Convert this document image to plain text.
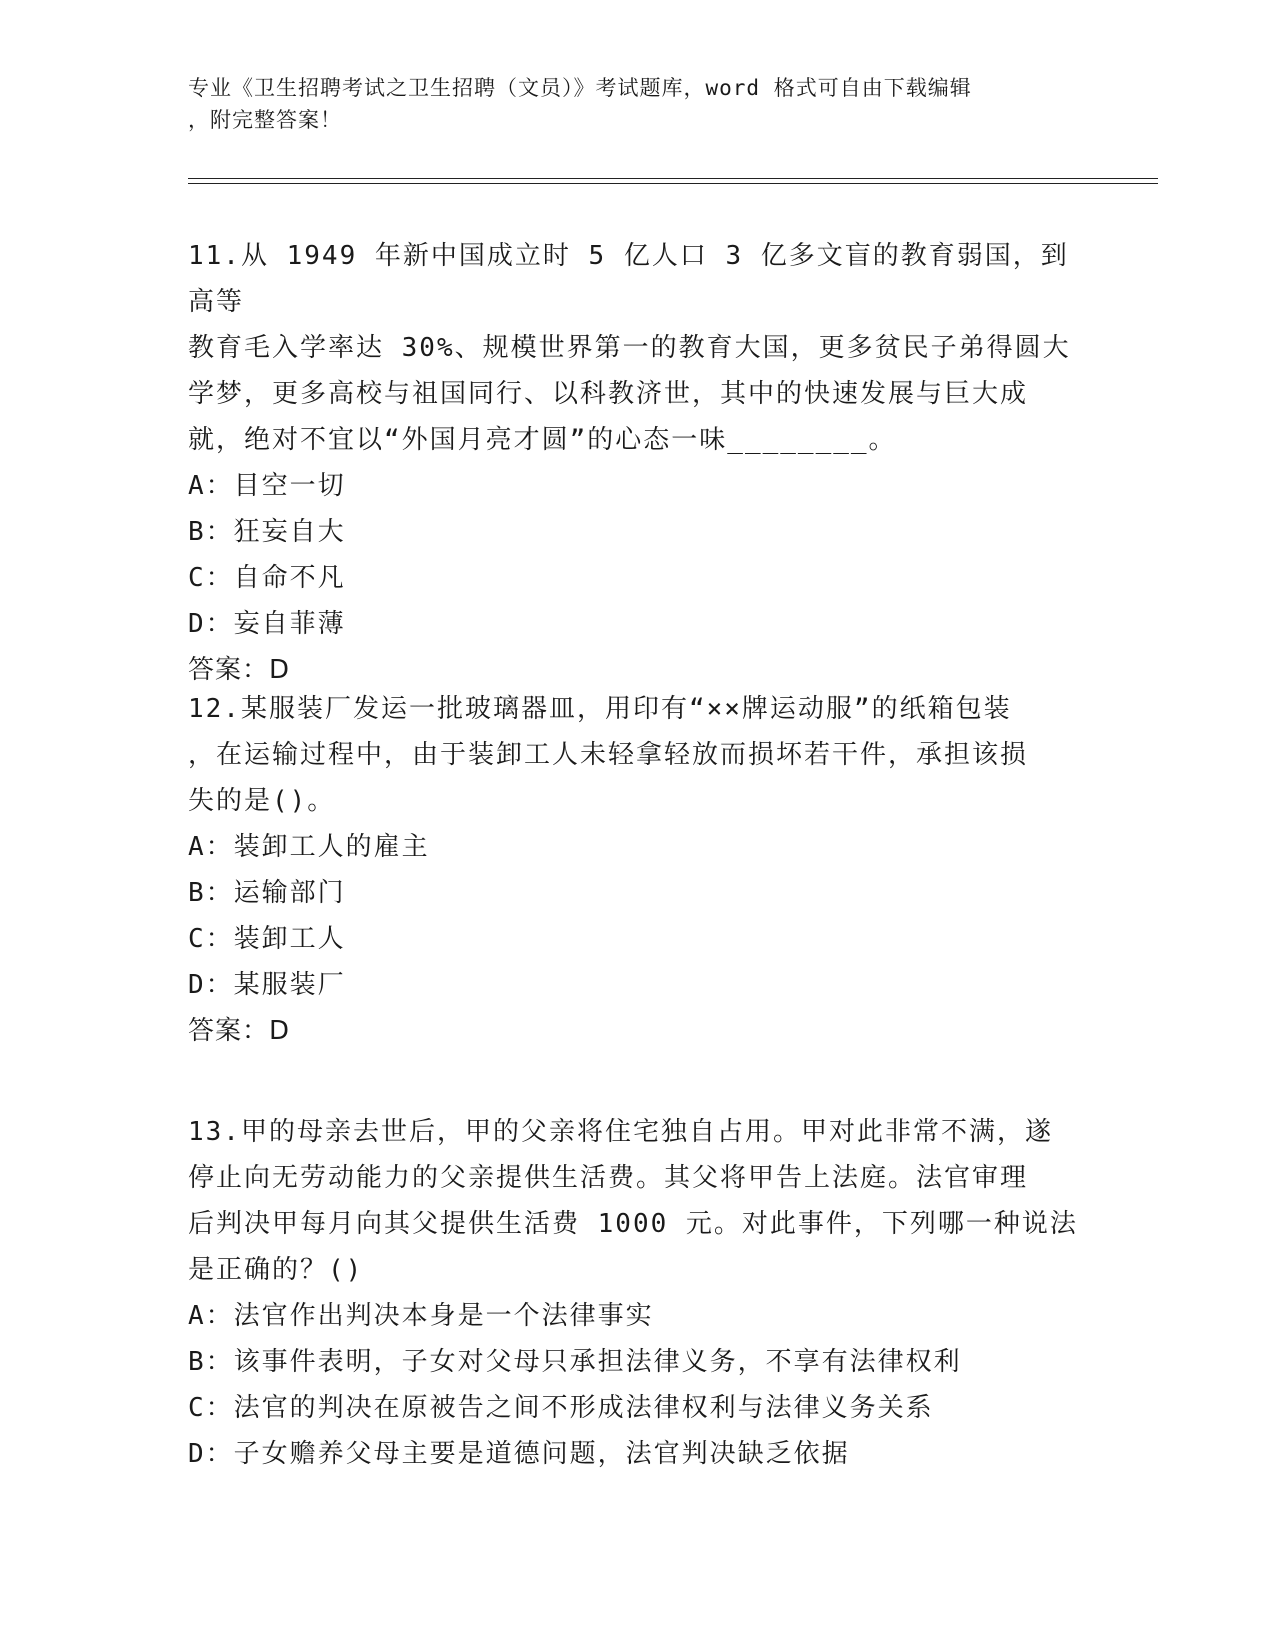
专业《卫生招聘考试之卫生招聘（文员）》考试题库，word 格式可自由下载编辑
，附完整答案！

11.从 1949 年新中国成立时 5 亿人口 3 亿多文盲的教育弱国，到高等

教育毛入学率达 30%、规模世界第一的教育大国，更多贫民子弟得圆大

学梦，更多高校与祖国同行、以科教济世，其中的快速发展与巨大成

就，绝对不宜以“外国月亮才圆”的心态一味________。

A：目空一切

B：狂妄自大

C：自命不凡

D：妄自菲薄

答案：D

12.某服装厂发运一批玻璃器皿，用印有“××牌运动服”的纸箱包装

，在运输过程中，由于装卸工人未轻拿轻放而损坏若干件，承担该损

失的是()。

A：装卸工人的雇主

B：运输部门

C：装卸工人

D：某服装厂

答案：D

13.甲的母亲去世后，甲的父亲将住宅独自占用。甲对此非常不满，遂

停止向无劳动能力的父亲提供生活费。其父将甲告上法庭。法官审理

后判决甲每月向其父提供生活费 1000 元。对此事件，下列哪一种说法

是正确的？()

A：法官作出判决本身是一个法律事实

B：该事件表明，子女对父母只承担法律义务，不享有法律权利

C：法官的判决在原被告之间不形成法律权利与法律义务关系

D：子女赡养父母主要是道德问题，法官判决缺乏依据
